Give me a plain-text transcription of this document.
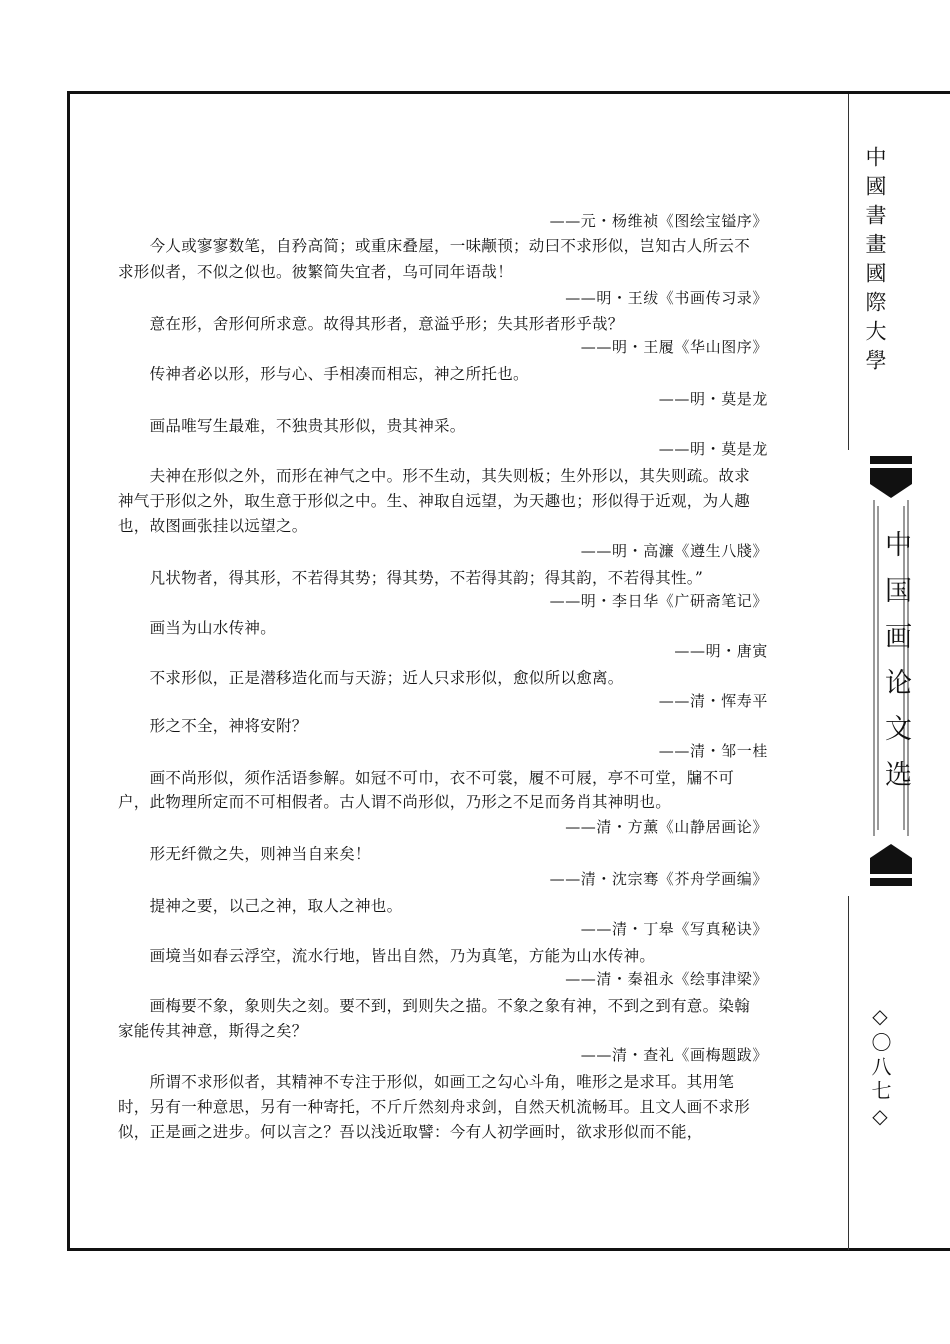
中國書畫國際大學
中国画论文选
◇〇八七◇
——元・杨维祯《图绘宝镒序》
　　今人或寥寥数笔，自矜高简；或重床叠屋，一味颟顸；动曰不求形似，岂知古人所云不
求形似者，不似之似也。彼繁简失宜者，乌可同年语哉！
——明・王绂《书画传习录》
　　意在形，舍形何所求意。故得其形者，意溢乎形；失其形者形乎哉？
——明・王履《华山图序》
　　传神者必以形，形与心、手相凑而相忘，神之所托也。
——明・莫是龙
　　画品唯写生最难，不独贵其形似，贵其神采。
——明・莫是龙
　　夫神在形似之外，而形在神气之中。形不生动，其失则板；生外形以，其失则疏。故求
神气于形似之外，取生意于形似之中。生、神取自远望，为天趣也；形似得于近观，为人趣
也，故图画张挂以远望之。
——明・高濂《遵生八牋》
　　凡状物者，得其形，不若得其势；得其势，不若得其韵；得其韵，不若得其性。”
——明・李日华《广研斋笔记》
　　画当为山水传神。
——明・唐寅
　　不求形似，正是潜移造化而与天游；近人只求形似，愈似所以愈离。
——清・恽寿平
　　形之不全，神将安附？
——清・邹一桂
　　画不尚形似，须作活语参解。如冠不可巾，衣不可裳，履不可屐，亭不可堂，牖不可
户，此物理所定而不可相假者。古人谓不尚形似，乃形之不足而务肖其神明也。
——清・方薰《山静居画论》
　　形无纤微之失，则神当自来矣！
——清・沈宗骞《芥舟学画编》
　　提神之要，以己之神，取人之神也。
——清・丁皋《写真秘诀》
　　画境当如春云浮空，流水行地，皆出自然，乃为真笔，方能为山水传神。
——清・秦祖永《绘事津梁》
　　画梅要不象，象则失之刻。要不到，到则失之描。不象之象有神，不到之到有意。染翰
家能传其神意，斯得之矣？
——清・查礼《画梅题跋》
　　所谓不求形似者，其精神不专注于形似，如画工之勾心斗角，唯形之是求耳。其用笔
时，另有一种意思，另有一种寄托，不斤斤然刻舟求剑，自然天机流畅耳。且文人画不求形
似，正是画之进步。何以言之？吾以浅近取譬：今有人初学画时，欲求形似而不能，
